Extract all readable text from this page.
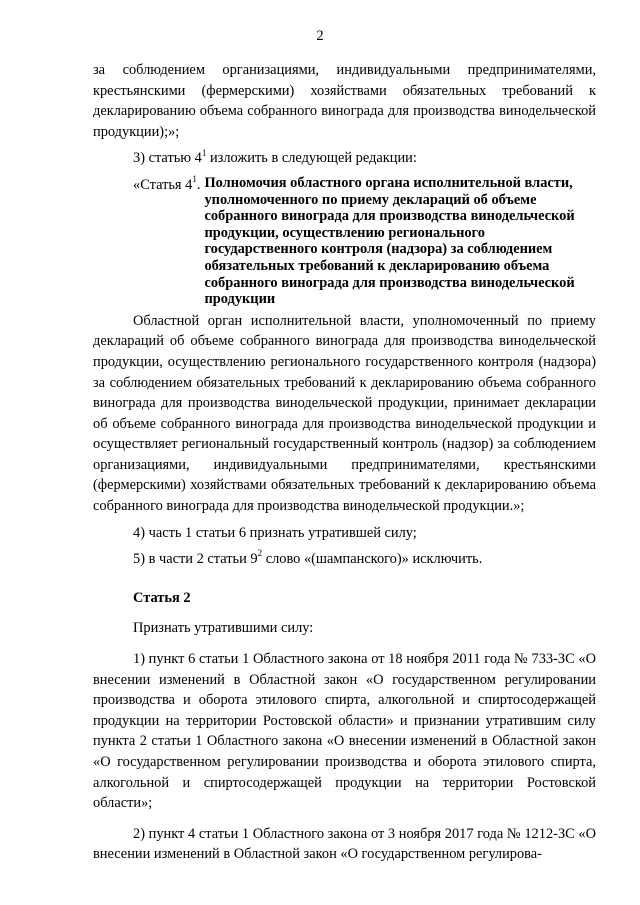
2

за соблюдением организациями, индивидуальными предпринимателями, крестьянскими (фермерскими) хозяйствами обязательных требований к декларированию объема собранного винограда для производства винодельческой продукции);»;

3) статью $4^1$ изложить в следующей редакции:

«Статья $4^1$. Полномочия областного органа исполнительной власти, уполномоченного по приему деклараций об объеме собранного винограда для производства винодельческой продукции, осуществлению регионального государственного контроля (надзора) за соблюдением обязательных требований к декларированию объема собранного винограда для производства винодельческой продукции

Областной орган исполнительной власти, уполномоченный по приему деклараций об объеме собранного винограда для производства винодельческой продукции, осуществлению регионального государственного контроля (надзора) за соблюдением обязательных требований к декларированию объема собранного винограда для производства винодельческой продукции, принимает декларации об объеме собранного винограда для производства винодельческой продукции и осуществляет региональный государственный контроль (надзор) за соблюдением организациями, индивидуальными предпринимателями, крестьянскими (фермерскими) хозяйствами обязательных требований к декларированию объема собранного винограда для производства винодельческой продукции.»;

4) часть 1 статьи 6 признать утратившей силу;

5) в части 2 статьи $9^2$ слово «(шампанского)» исключить.

Статья 2

Признать утратившими силу:

1) пункт 6 статьи 1 Областного закона от 18 ноября 2011 года № 733-ЗС «О внесении изменений в Областной закон «О государственном регулировании производства и оборота этилового спирта, алкогольной и спиртосодержащей продукции на территории Ростовской области» и признании утратившим силу пункта 2 статьи 1 Областного закона «О внесении изменений в Областной закон «О государственном регулировании производства и оборота этилового спирта, алкогольной и спиртосодержащей продукции на территории Ростовской области»;

2) пункт 4 статьи 1 Областного закона от 3 ноября 2017 года № 1212-ЗС «О внесении изменений в Областной закон «О государственном регулирова-
